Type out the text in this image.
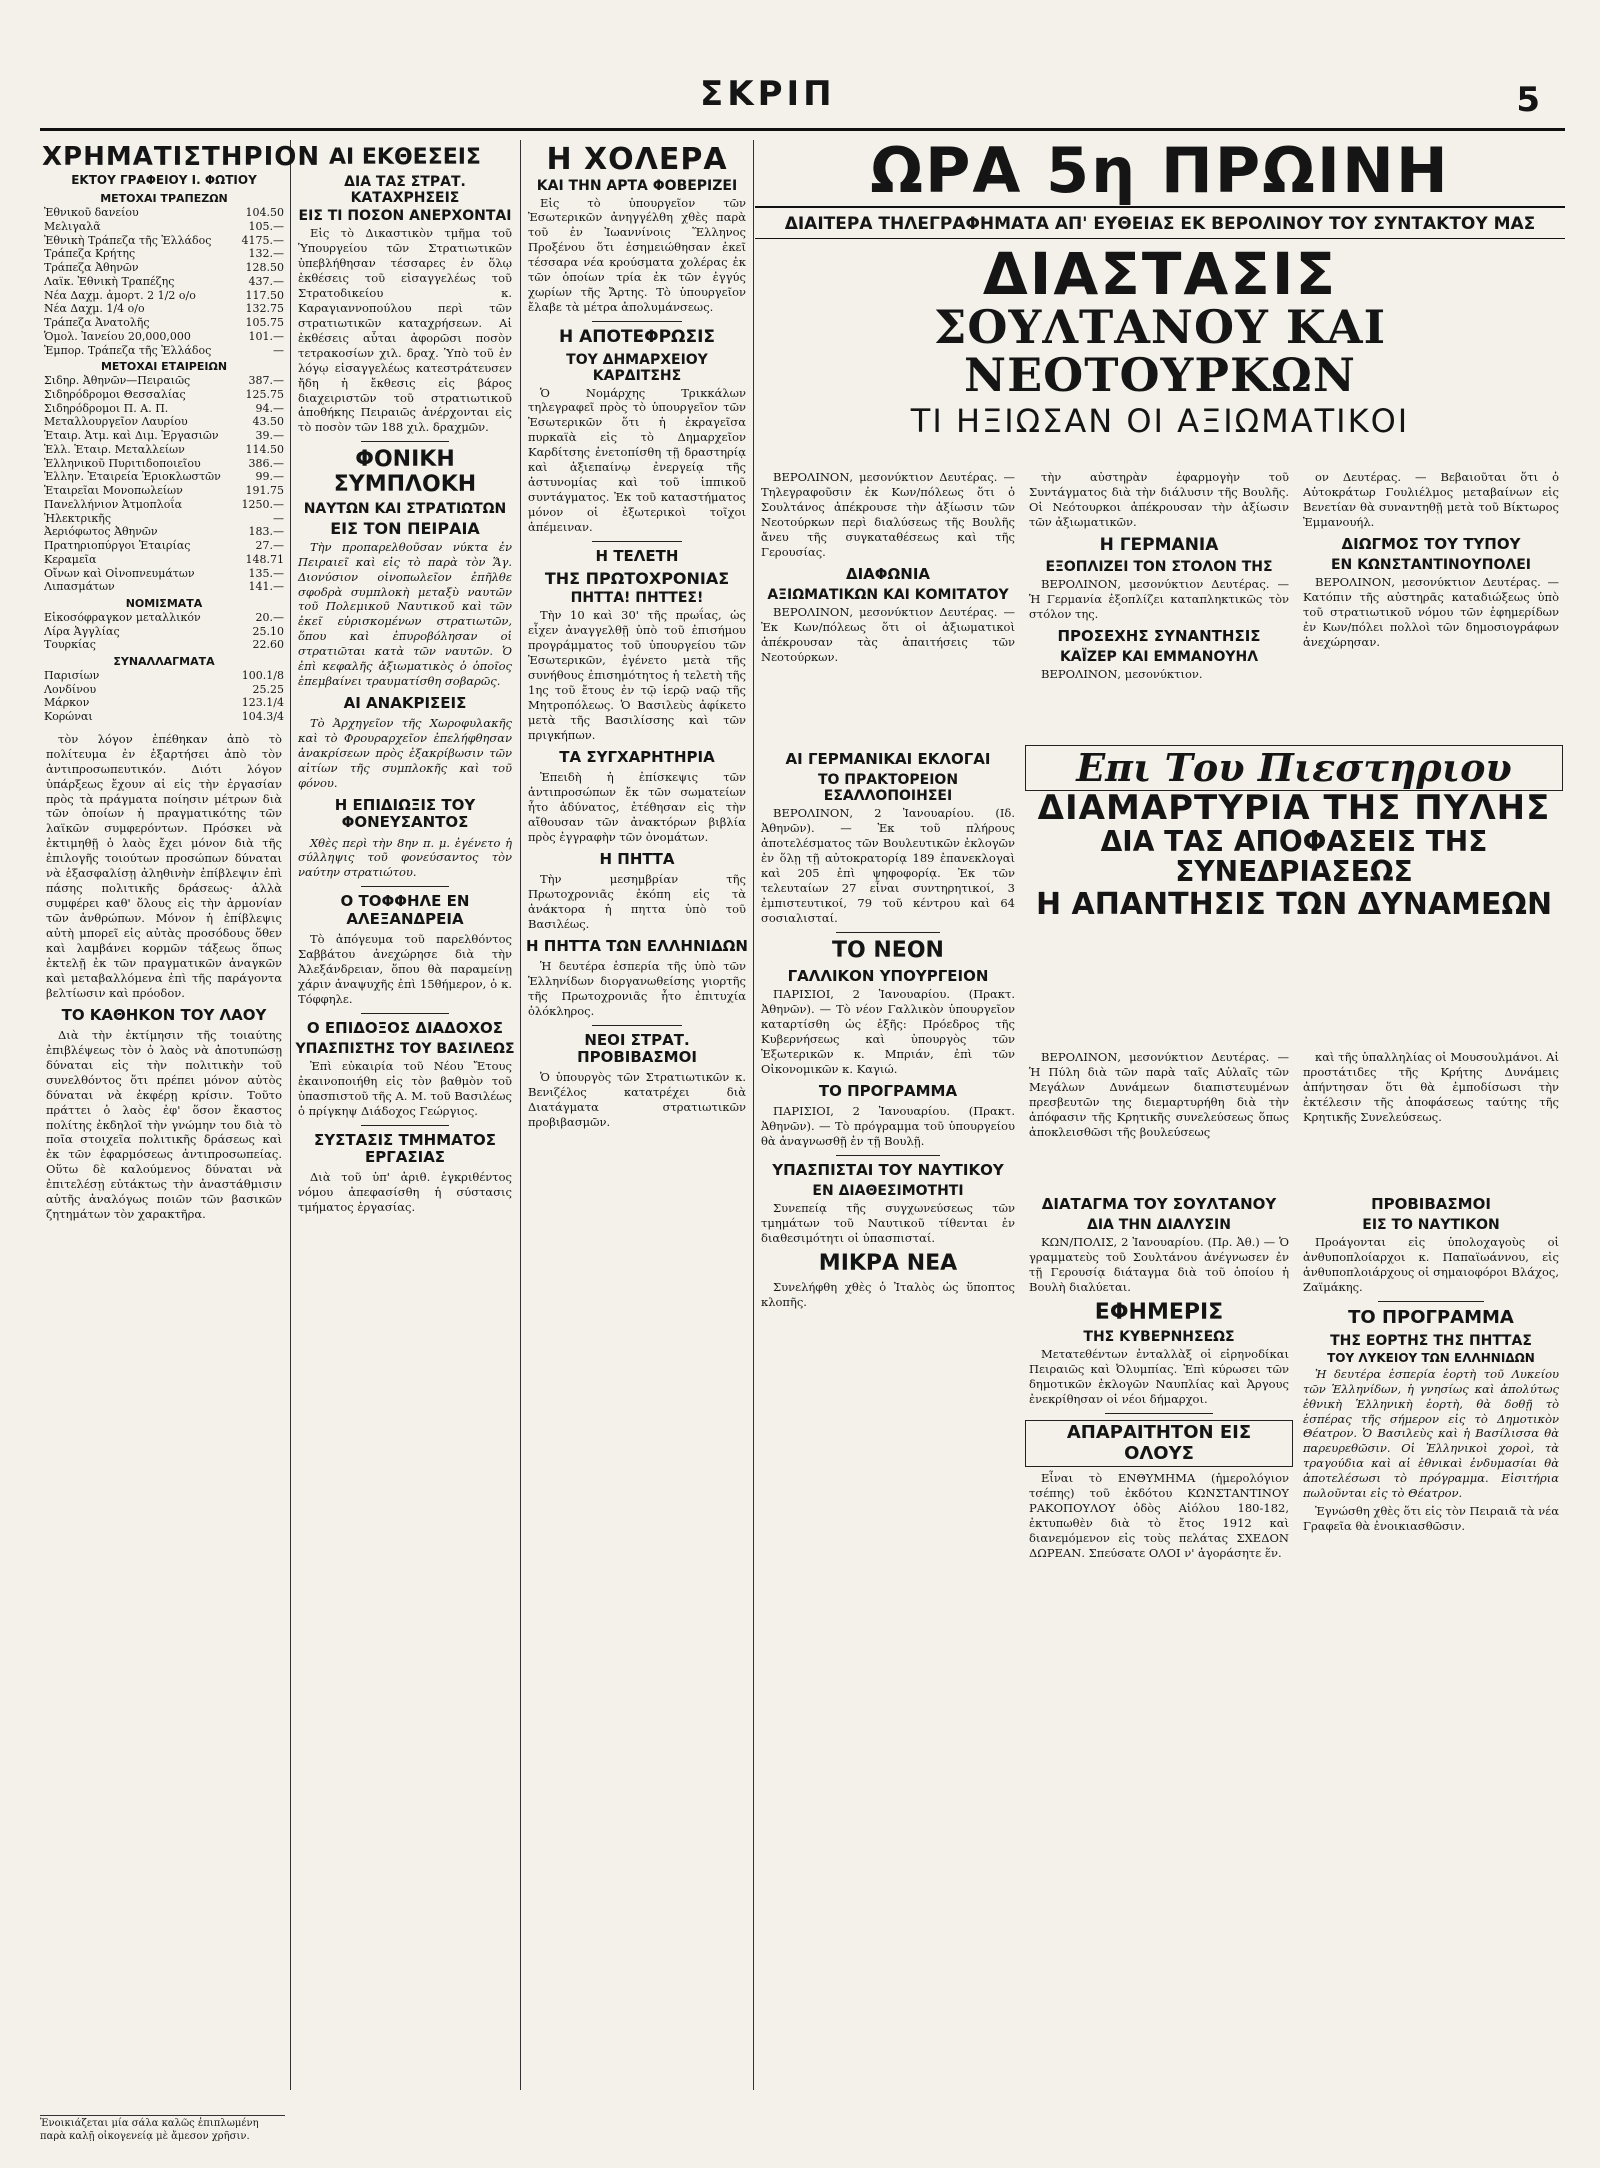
ΣΚΡΙΠ	5
ΧΡΗΜΑΤΙΣΤΗΡΙΟΝ
ΕΚΤΟΥ ΓΡΑΦΕΙΟΥ Ι. ΦΩΤΙΟΥ
ΜΕΤΟΧΑΙ ΤΡΑΠΕΖΩΝ	
Ἐθνικοῦ δανείου	104.50
Μελιγαλᾶ	105.—
Ἐθνικὴ Τράπεζα τῆς Ἑλλάδος	4175.—
Τράπεζα Κρήτης	132.—
Τράπεζα Ἀθηνῶν	128.50
Λαϊκ. Ἐθνικὴ Τραπέζης	437.—
Νέα Δαχμ. ἀμορτ. 2 1/2 ο/ο	117.50
Νέα Δαχμ. 1/4 ο/ο	132.75
Τράπεζα Ἀνατολῆς	105.75
Ὁμολ. Ἰανείου 20,000,000	101.—
Ἐμπορ. Τράπεζα τῆς Ἑλλάδος	—
ΜΕΤΟΧΑΙ ΕΤΑΙΡΕΙΩΝ	
Σιδηρ. Ἀθηνῶν—Πειραιῶς	387.—
Σιδηρόδρομοι Θεσσαλίας	125.75
Σιδηρόδρομοι Π. Α. Π.	94.—
Μεταλλουργεῖον Λαυρίου	43.50
Ἑταιρ. Ἀτμ. καὶ Διμ. Ἐργασιῶν	39.—
Ἑλλ. Ἑταιρ. Μεταλλείων	114.50
Ἑλληνικοῦ Πυριτιδοποιεῖου	386.—
Ἑλλην. Ἑταιρεία Ἐριοκλωστῶν	99.—
Ἑταιρεῖαι Μονοπωλείων	191.75
Πανελλήνιον Ἀτμοπλοΐα	1250.—
Ἠλεκτρικῆς	—
Ἀεριόφωτος Ἀθηνῶν	183.—
Πρατηριοπύργοι Ἑταιρίας	27.—
Κεραμεῖα	148.71
Οἴνων καὶ Οἰνοπνευμάτων	135.—
Λιπασμάτων	141.—
ΝΟΜΙΣΜΑΤΑ	
Εἰκοσόφραγκον μεταλλικόν	20.—
Λίρα Ἀγγλίας	25.10
Τουρκίας	22.60
ΣΥΝΑΛΛΑΓΜΑΤΑ	
Παρισίων	100.1/8
Λονδίνου	25.25
Μάρκον	123.1/4
Κορώναι	104.3/4

τὸν λόγον ἐπέθηκαν ἀπὸ τὸ πολίτευμα ἐν ἐξαρτήσει ἀπὸ τὸν ἀντιπροσωπευτικόν. Διότι λόγον ὑπάρξεως ἔχουν αἱ εἰς τὴν ἐργασίαν πρὸς τὰ πράγματα ποίησιν μέτρων διὰ τῶν ὁποίων ἡ πραγματικότης τῶν λαϊκῶν συμφερόντων. Πρόσκει νὰ ἐκτιμηθῇ ὁ λαὸς ἔχει μόνον διὰ τῆς ἐπιλογῆς τοιούτων προσώπων δύναται νὰ ἐξασφαλίσῃ ἀληθινὴν ἐπίβλεψιν ἐπὶ πάσης πολιτικῆς δράσεως· ἀλλὰ συμφέρει καθ' ὅλους εἰς τὴν ἀρμονίαν τῶν ἀνθρώπων. Μόνον ἡ ἐπίβλεψις αὐτὴ μπορεῖ εἰς αὐτὰς προσόδους ὅθεν καὶ λαμβάνει κορμῶν τάξεως ὅπως ἐκτελῇ ἐκ τῶν πραγματικῶν ἀναγκῶν καὶ μεταβαλλόμενα ἐπὶ τῆς παράγοντα βελτίωσιν καὶ πρόοδον.

ΤΟ ΚΑΘΗΚΟΝ ΤΟΥ ΛΑΟΥ

Διὰ τὴν ἐκτίμησιν τῆς τοιαύτης ἐπιβλέψεως τὸν ὁ λαὸς νὰ ἀποτυπώσῃ δύναται εἰς τὴν πολιτικὴν τοῦ συνελθόντος ὅτι πρέπει μόνον αὐτὸς δύναται νὰ ἐκφέρῃ κρίσιν. Τοῦτο πράττει ὁ λαὸς ἐφ' ὅσον ἔκαστος πολίτης ἐκδηλοῖ τὴν γνώμην του διὰ τὸ ποῖα στοιχεῖα πολιτικῆς δράσεως καὶ ἐκ τῶν ἐφαρμόσεως ἀντιπροσωπείας. Οὕτω δὲ καλούμενος δύναται νὰ ἐπιτελέσῃ εὐτάκτως τὴν ἀναστάθμισιν αὐτῆς ἀναλόγως ποιῶν τῶν βασικῶν ζητημάτων τὸν χαρακτῆρα.

ΑΙ ΕΚΘΕΣΕΙΣ
ΔΙΑ ΤΑΣ ΣΤΡΑΤ. ΚΑΤΑΧΡΗΣΕΙΣ
ΕΙΣ ΤΙ ΠΟΣΟΝ ΑΝΕΡΧΟΝΤΑΙ

Εἰς τὸ Δικαστικὸν τμῆμα τοῦ Ὑπουργείου τῶν Στρατιωτικῶν ὑπεβλήθησαν τέσσαρες ἐν ὅλῳ ἐκθέσεις τοῦ εἰσαγγελέως τοῦ Στρατοδικείου κ. Καραγιαννοπούλου περὶ τῶν στρατιωτικῶν καταχρήσεων. Αἱ ἐκθέσεις αὗται ἀφορῶσι ποσὸν τετρακοσίων χιλ. δραχ. Ὑπὸ τοῦ ἐν λόγῳ εἰσαγγελέως κατεστράτευσεν ἤδη ἡ ἔκθεσις εἰς βάρος διαχειριστῶν τοῦ στρατιωτικοῦ ἀποθήκης Πειραιῶς ἀνέρχονται εἰς τὸ ποσὸν τῶν 188 χιλ. δραχμῶν.

ΦΟΝΙΚΗ ΣΥΜΠΛΟΚΗ
ΝΑΥΤΩΝ ΚΑΙ ΣΤΡΑΤΙΩΤΩΝ
ΕΙΣ ΤΟΝ ΠΕΙΡΑΙΑ

Τὴν προπαρελθοῦσαν νύκτα ἐν Πειραιεῖ καὶ εἰς τὸ παρὰ τὸν Ἅγ. Διονύσιον οἰνοπωλεῖον ἐπῆλθε σφοδρὰ συμπλοκὴ μεταξὺ ναυτῶν τοῦ Πολεμικοῦ Ναυτικοῦ καὶ τῶν ἐκεῖ εὑρισκομένων στρατιωτῶν, ὅπου καὶ ἐπυροβόλησαν οἱ στρατιῶται κατὰ τῶν ναυτῶν. Ὁ ἐπὶ κεφαλῆς ἀξιωματικὸς ὁ ὁποῖος ἐπεμβαίνει τραυματίσθη σοβαρῶς.

ΑΙ ΑΝΑΚΡΙΣΕΙΣ

Τὸ Ἀρχηγεῖον τῆς Χωροφυλακῆς καὶ τὸ Φρουραρχεῖον ἐπελήφθησαν ἀνακρίσεων πρὸς ἐξακρίβωσιν τῶν αἰτίων τῆς συμπλοκῆς καὶ τοῦ φόνου.

Η ΕΠΙΔΙΩΞΙΣ ΤΟΥ ΦΟΝΕΥΣΑΝΤΟΣ

Χθὲς περὶ τὴν 8ην π. μ. ἐγένετο ἡ σύλληψις τοῦ φονεύσαντος τὸν ναύτην στρατιώτου.

Ο ΤΟΦΦΗΛΕ ΕΝ ΑΛΕΞΑΝΔΡΕΙΑ

Τὸ ἀπόγευμα τοῦ παρελθόντος Σαββάτου ἀνεχώρησε διὰ τὴν Ἀλεξάνδρειαν, ὅπου θὰ παραμείνῃ χάριν ἀναψυχῆς ἐπὶ 15θήμερον, ὁ κ. Τόφφηλε.

Ο ΕΠΙΔΟΞΟΣ ΔΙΑΔΟΧΟΣ
ΥΠΑΣΠΙΣΤΗΣ ΤΟΥ ΒΑΣΙΛΕΩΣ

Ἐπὶ εὐκαιρία τοῦ Νέου Ἔτους ἐκαινοποιήθη εἰς τὸν βαθμὸν τοῦ ὑπασπιστοῦ τῆς Α. Μ. τοῦ Βασιλέως ὁ πρίγκηψ Διάδοχος Γεώργιος.

ΣΥΣΤΑΣΙΣ ΤΜΗΜΑΤΟΣ ΕΡΓΑΣΙΑΣ

Διὰ τοῦ ὑπ' ἀριθ. ἐγκριθέντος νόμου ἀπεφασίσθη ἡ σύστασις τμήματος ἐργασίας.

Η ΧΟΛΕΡΑ
ΚΑΙ ΤΗΝ ΑΡΤΑ ΦΟΒΕΡΙΖΕΙ

Εἰς τὸ ὑπουργεῖον τῶν Ἐσωτερικῶν ἀνηγγέλθη χθὲς παρὰ τοῦ ἐν Ἰωαννίνοις Ἕλληνος Προξένου ὅτι ἐσημειώθησαν ἐκεῖ τέσσαρα νέα κρούσματα χολέρας ἐκ τῶν ὁποίων τρία ἐκ τῶν ἐγγύς χωρίων τῆς Ἄρτης. Τὸ ὑπουργεῖον ἔλαβε τὰ μέτρα ἀπολυμάνσεως.

Η ΑΠΟΤΕΦΡΩΣΙΣ
ΤΟΥ ΔΗΜΑΡΧΕΙΟΥ ΚΑΡΔΙΤΣΗΣ

Ὁ Νομάρχης Τρικκάλων τηλεγραφεῖ πρὸς τὸ ὑπουργεῖον τῶν Ἐσωτερικῶν ὅτι ἡ ἐκραγεῖσα πυρκαϊὰ εἰς τὸ Δημαρχεῖον Καρδίτσης ἐνετοπίσθη τῇ δραστηρίᾳ καὶ ἀξιεπαίνῳ ἐνεργείᾳ τῆς ἀστυνομίας καὶ τοῦ ἱππικοῦ συντάγματος. Ἐκ τοῦ καταστήματος μόνον οἱ ἐξωτερικοὶ τοῖχοι ἀπέμειναν.

Η ΤΕΛΕΤΗ
ΤΗΣ ΠΡΩΤΟΧΡΟΝΙΑΣ
ΠΗΤΤΑ! ΠΗΤΤΕΣ!

Τὴν 10 καὶ 30' τῆς πρωΐας, ὡς εἶχεν ἀναγγελθῇ ὑπὸ τοῦ ἐπισήμου προγράμματος τοῦ ὑπουργείου τῶν Ἐσωτερικῶν, ἐγένετο μετὰ τῆς συνήθους ἐπισημότητος ἡ τελετὴ τῆς 1ης τοῦ ἔτους ἐν τῷ ἱερῷ ναῷ τῆς Μητροπόλεως. Ὁ Βασιλεὺς ἀφίκετο μετὰ τῆς Βασιλίσσης καὶ τῶν πριγκήπων.

ΤΑ ΣΥΓΧΑΡΗΤΗΡΙΑ

Ἐπειδὴ ἡ ἐπίσκεψις τῶν ἀντιπροσώπων ἔκ τῶν σωματείων ἦτο ἀδύνατος, ἐτέθησαν εἰς τὴν αἴθουσαν τῶν ἀνακτόρων βιβλία πρὸς ἐγγραφὴν τῶν ὀνομάτων.

Η ΠΗΤΤΑ

Τὴν μεσημβρίαν τῆς Πρωτοχρονιᾶς ἐκόπη εἰς τὰ ἀνάκτορα ἡ πηττα ὑπὸ τοῦ Βασιλέως.

Η ΠΗΤΤΑ ΤΩΝ ΕΛΛΗΝΙΔΩΝ

Ἡ δευτέρα ἑσπερία τῆς ὑπὸ τῶν Ἑλληνίδων διοργανωθείσης γιορτῆς τῆς Πρωτοχρονιᾶς ἦτο ἐπιτυχία ὁλόκληρος.

ΝΕΟΙ ΣΤΡΑΤ. ΠΡΟΒΙΒΑΣΜΟΙ

Ὁ ὑπουργὸς τῶν Στρατιωτικῶν κ. Βενιζέλος κατατρέχει διὰ Διατάγματα στρατιωτικῶν προβιβασμῶν.

ΩΡΑ 5η ΠΡΩΙΝΗ
ΔΙΑΙΤΕΡΑ ΤΗΛΕΓΡΑΦΗΜΑΤΑ ΑΠ' ΕΥΘΕΙΑΣ ΕΚ ΒΕΡΟΛΙΝΟΥ ΤΟΥ ΣΥΝΤΑΚΤΟΥ ΜΑΣ
ΔΙΑΣΤΑΣΙΣ
ΣΟΥΛΤΑΝΟΥ ΚΑΙ ΝΕΟΤΟΥΡΚΩΝ
ΤΙ ΗΞΙΩΣΑΝ ΟΙ ΑΞΙΩΜΑΤΙΚΟΙ

ΒΕΡΟΛΙΝΟΝ, μεσονύκτιον Δευτέρας. — Τηλεγραφοῦσιν ἐκ Κων/πόλεως ὅτι ὁ Σουλτάνος ἀπέκρουσε τὴν ἀξίωσιν τῶν Νεοτούρκων περὶ διαλύσεως τῆς Βουλῆς ἄνευ τῆς συγκαταθέσεως καὶ τῆς Γερουσίας.

ΔΙΑΦΩΝΙΑ
ΑΞΙΩΜΑΤΙΚΩΝ ΚΑΙ ΚΟΜΙΤΑΤΟΥ

ΒΕΡΟΛΙΝΟΝ, μεσονύκτιον Δευτέρας. — Ἐκ Κων/πόλεως ὅτι οἱ ἀξιωματικοὶ ἀπέκρουσαν τὰς ἀπαιτήσεις τῶν Νεοτούρκων.

τὴν αὐστηρὰν ἐφαρμογὴν τοῦ Συντάγματος διὰ τὴν διάλυσιν τῆς Βουλῆς. Οἱ Νεότουρκοι ἀπέκρουσαν τὴν ἀξίωσιν τῶν ἀξιωματικῶν.

Η ΓΕΡΜΑΝΙΑ
ΕΞΟΠΛΙΖΕΙ ΤΟΝ ΣΤΟΛΟΝ ΤΗΣ

ΒΕΡΟΛΙΝΟΝ, μεσονύκτιον Δευτέρας. — Ἡ Γερμανία ἐξοπλίζει καταπληκτικῶς τὸν στόλον της.

ΠΡΟΣΕΧΗΣ ΣΥΝΑΝΤΗΣΙΣ
ΚΑΪΖΕΡ ΚΑΙ ΕΜΜΑΝΟΥΗΛ

ΒΕΡΟΛΙΝΟΝ, μεσονύκτιον.

ον Δευτέρας. — Βεβαιοῦται ὅτι ὁ Αὐτοκράτωρ Γουλιέλμος μεταβαίνων εἰς Βενετίαν θὰ συναντηθῇ μετὰ τοῦ Βίκτωρος Ἐμμανουήλ.

ΔΙΩΓΜΟΣ ΤΟΥ ΤΥΠΟΥ
ΕΝ ΚΩΝΣΤΑΝΤΙΝΟΥΠΟΛΕΙ

ΒΕΡΟΛΙΝΟΝ, μεσονύκτιον Δευτέρας. — Κατόπιν τῆς αὐστηρᾶς καταδιώξεως ὑπὸ τοῦ στρατιωτικοῦ νόμου τῶν ἐφημερίδων ἐν Κων/πόλει πολλοὶ τῶν δημοσιογράφων ἀνεχώρησαν.

ΑΙ ΓΕΡΜΑΝΙΚΑΙ ΕΚΛΟΓΑΙ
ΤΟ ΠΡΑΚΤΟΡΕΙΟΝ ΕΣΑΛΛΟΠΟΙΗΣΕΙ

ΒΕΡΟΛΙΝΟΝ, 2 Ἰανουαρίου. (Ιδ. Ἀθηνῶν). — Ἐκ τοῦ πλήρους ἀποτελέσματος τῶν Βουλευτικῶν ἐκλογῶν ἐν ὅλῃ τῇ αὐτοκρατορίᾳ 189 ἐπανεκλογαὶ καὶ 205 ἐπὶ ψηφοφορίᾳ. Ἐκ τῶν τελευταίων 27 εἶναι συντηρητικοί, 3 ἐμπιστευτικοί, 79 τοῦ κέντρου καὶ 64 σοσιαλισταί.

ΤΟ ΝΕΟΝ
ΓΑΛΛΙΚΟΝ ΥΠΟΥΡΓΕΙΟΝ

ΠΑΡΙΣΙΟΙ, 2 Ἰανουαρίου. (Πρακτ. Ἀθηνῶν). — Τὸ νέον Γαλλικὸν ὑπουργεῖον καταρτίσθη ὡς ἑξῆς: Πρόεδρος τῆς Κυβερνήσεως καὶ ὑπουργὸς τῶν Ἐξωτερικῶν κ. Μπριάν, ἐπὶ τῶν Οἰκονομικῶν κ. Καγιώ.

ΤΟ ΠΡΟΓΡΑΜΜΑ

ΠΑΡΙΣΙΟΙ, 2 Ἰανουαρίου. (Πρακτ. Ἀθηνῶν). — Τὸ πρόγραμμα τοῦ ὑπουργείου θὰ ἀναγνωσθῇ ἐν τῇ Βουλῇ.

ΥΠΑΣΠΙΣΤΑΙ ΤΟΥ ΝΑΥΤΙΚΟΥ
ΕΝ ΔΙΑΘΕΣΙΜΟΤΗΤΙ

Συνεπείᾳ τῆς συγχωνεύσεως τῶν τμημάτων τοῦ Ναυτικοῦ τίθενται ἐν διαθεσιμότητι οἱ ὑπασπισταί.

ΜΙΚΡΑ ΝΕΑ

Συνελήφθη χθὲς ὁ Ἰταλὸς ὡς ὕποπτος κλοπῆς.

Επι Του Πιεστηριου
ΔΙΑΜΑΡΤΥΡΙΑ ΤΗΣ ΠΥΛΗΣ
ΔΙΑ ΤΑΣ ΑΠΟΦΑΣΕΙΣ ΤΗΣ ΣΥΝΕΔΡΙΑΣΕΩΣ
Η ΑΠΑΝΤΗΣΙΣ ΤΩΝ ΔΥΝΑΜΕΩΝ

ΒΕΡΟΛΙΝΟΝ, μεσονύκτιον Δευτέρας. — Ἡ Πύλη διὰ τῶν παρὰ ταῖς Αὐλαῖς τῶν Μεγάλων Δυνάμεων διαπιστευμένων πρεσβευτῶν της διεμαρτυρήθη διὰ τὴν ἀπόφασιν τῆς Κρητικῆς συνελεύσεως ὅπως ἀποκλεισθῶσι τῆς βουλεύσεως

καὶ τῆς ὑπαλληλίας οἱ Μουσουλμάνοι. Αἱ προστάτιδες τῆς Κρήτης Δυνάμεις ἀπήντησαν ὅτι θὰ ἐμποδίσωσι τὴν ἐκτέλεσιν τῆς ἀποφάσεως ταύτης τῆς Κρητικῆς Συνελεύσεως.

ΔΙΑΤΑΓΜΑ ΤΟΥ ΣΟΥΛΤΑΝΟΥ
ΔΙΑ ΤΗΝ ΔΙΑΛΥΣΙΝ

ΚΩΝ/ΠΟΛΙΣ, 2 Ἰανουαρίου. (Πρ. Ἀθ.) — Ὁ γραμματεὺς τοῦ Σουλτάνου ἀνέγνωσεν ἐν τῇ Γερουσίᾳ διάταγμα διὰ τοῦ ὁποίου ἡ Βουλὴ διαλύεται.

ΕΦΗΜΕΡΙΣ
ΤΗΣ ΚΥΒΕΡΝΗΣΕΩΣ

Μετατεθέντων ἐνταλλὰξ οἱ εἰρηνοδίκαι Πειραιῶς καὶ Ὀλυμπίας. Ἐπὶ κύρωσει τῶν δημοτικῶν ἐκλογῶν Ναυπλίας καὶ Ἀργους ἐνεκρίθησαν οἱ νέοι δήμαρχοι.

ΑΠΑΡΑΙΤΗΤΟΝ ΕΙΣ ΟΛΟΥΣ

Εἶναι τὸ ΕΝΘΥΜΗΜΑ (ἡμερολόγιον τσέπης) τοῦ ἐκδότου ΚΩΝΣΤΑΝΤΙΝΟΥ ΡΑΚΟΠΟΥΛΟΥ ὁδὸς Αἰόλου 180-182, ἐκτυπωθὲν διὰ τὸ ἔτος 1912 καὶ διανεμόμενον εἰς τοὺς πελάτας ΣΧΕΔΟΝ ΔΩΡΕΑΝ. Σπεύσατε ΟΛΟΙ ν' ἀγοράσητε ἕν.

ΠΡΟΒΙΒΑΣΜΟΙ
ΕΙΣ ΤΟ ΝΑΥΤΙΚΟΝ

Προάγονται εἰς ὑπολοχαγοὺς οἱ ἀνθυποπλοίαρχοι κ. Παπαϊωάννου, εἰς ἀνθυποπλοιάρχους οἱ σημαιοφόροι Βλάχος, Ζαϊμάκης.

ΤΟ ΠΡΟΓΡΑΜΜΑ
ΤΗΣ ΕΟΡΤΗΣ ΤΗΣ ΠΗΤΤΑΣ
ΤΟΥ ΛΥΚΕΙΟΥ ΤΩΝ ΕΛΛΗΝΙΔΩΝ

Ἡ δευτέρα ἑσπερία ἑορτὴ τοῦ Λυκείου τῶν Ἑλληνίδων, ἡ γνησίως καὶ ἀπολύτως ἐθνικὴ Ἑλληνικὴ ἑορτὴ, θὰ δοθῇ τὸ ἑσπέρας τῆς σήμερον εἰς τὸ Δημοτικὸν Θέατρον. Ὁ Βασιλεὺς καὶ ἡ Βασίλισσα θὰ παρευρεθῶσιν. Οἱ Ἑλληνικοὶ χοροὶ, τὰ τραγούδια καὶ αἱ ἐθνικαὶ ἐνδυμασίαι θὰ ἀποτελέσωσι τὸ πρόγραμμα. Εἰσιτήρια πωλοῦνται εἰς τὸ Θέατρον.

Ἐγνώσθη χθὲς ὅτι εἰς τὸν Πειραιᾶ τὰ νέα Γραφεῖα θὰ ἐνοικιασθῶσιν.

Ἐνοικιάζεται μία σάλα καλῶς ἐπιπλωμένη παρὰ καλῇ οἰκογενείᾳ μὲ ἄμεσον χρῆσιν.
